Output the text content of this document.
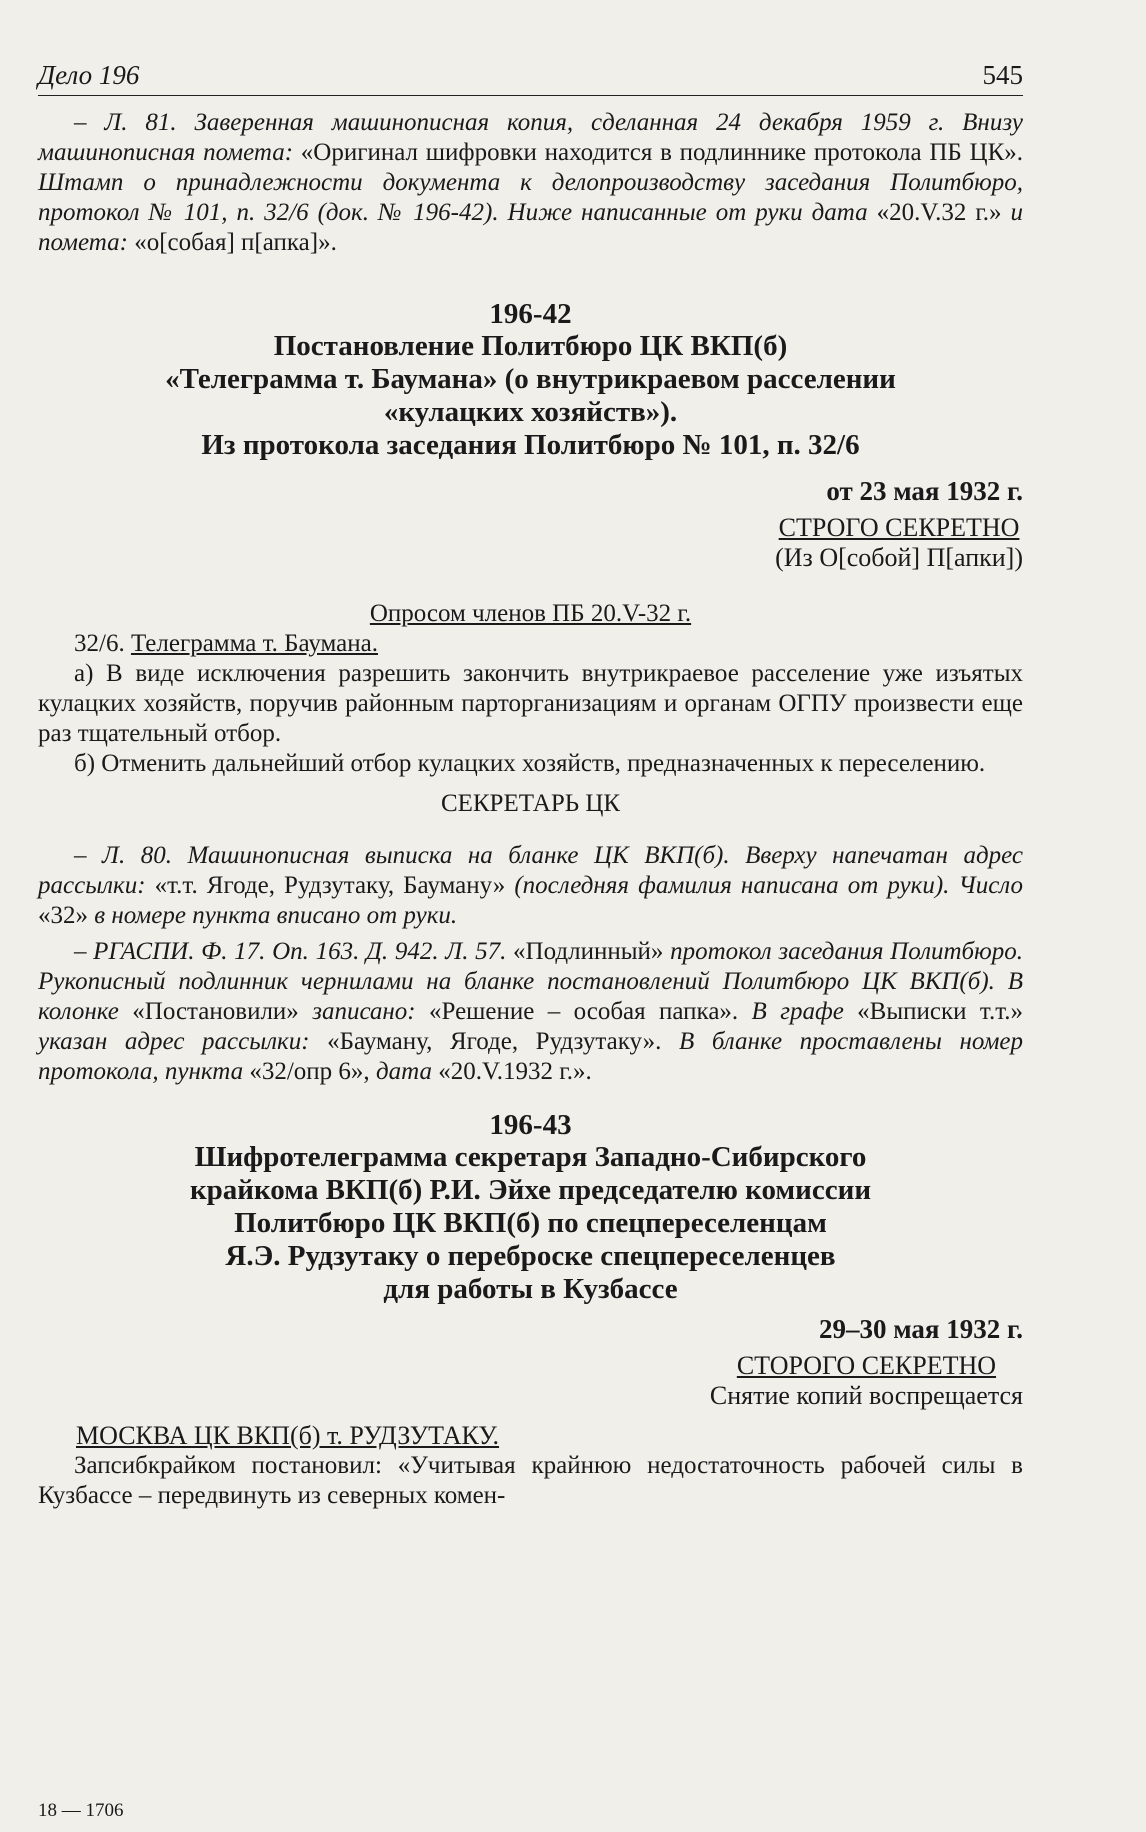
Дело 196	545

– Л. 81. Заверенная машинописная копия, сделанная 24 декабря 1959 г. Внизу машинописная помета: «Оригинал шифровки находится в подлиннике протокола ПБ ЦК». Штамп о принадлежности документа к делопроизводству заседания Политбюро, протокол № 101, п. 32/6 (док. № 196-42). Ниже написанные от руки дата «20.V.32 г.» и помета: «о[собая] п[апка]».

196-42

Постановление Политбюро ЦК ВКП(б)

«Телеграмма т. Баумана» (о внутрикраевом расселении

«кулацких хозяйств»).

Из протокола заседания Политбюро № 101, п. 32/6

от 23 мая 1932 г.
СТРОГО СЕКРЕТНО
(Из О[собой] П[апки])

Опросом членов ПБ 20.V-32 г.

32/6. Телеграмма т. Баумана.

а) В виде исключения разрешить закончить внутрикраевое расселение уже изъятых кулацких хозяйств, поручив районным парторганизациям и органам ОГПУ произвести еще раз тщательный отбор.

б) Отменить дальнейший отбор кулацких хозяйств, предназначенных к переселению.

СЕКРЕТАРЬ ЦК

– Л. 80. Машинописная выписка на бланке ЦК ВКП(б). Вверху напечатан адрес рассылки: «т.т. Ягоде, Рудзутаку, Бауману» (последняя фамилия написана от руки). Число «32» в номере пункта вписано от руки.

– РГАСПИ. Ф. 17. Оп. 163. Д. 942. Л. 57. «Подлинный» протокол заседания Политбюро. Рукописный подлинник чернилами на бланке постановлений Политбюро ЦК ВКП(б). В колонке «Постановили» записано: «Решение – особая папка». В графе «Выписки т.т.» указан адрес рассылки: «Бауману, Ягоде, Рудзутаку». В бланке проставлены номер протокола, пункта «32/опр 6», дата «20.V.1932 г.».

196-43

Шифротелеграмма секретаря Западно-Сибирского

крайкома ВКП(б) Р.И. Эйхе председателю комиссии

Политбюро ЦК ВКП(б) по спецпереселенцам

Я.Э. Рудзутаку о переброске спецпереселенцев

для работы в Кузбассе

29–30 мая 1932 г.
СТОРОГО СЕКРЕТНО
Снятие копий воспрещается

МОСКВА ЦК ВКП(б) т. РУДЗУТАКУ.

Запсибкрайком постановил: «Учитывая крайнюю недостаточность рабочей силы в Кузбассе – передвинуть из северных комен-

18 — 1706
